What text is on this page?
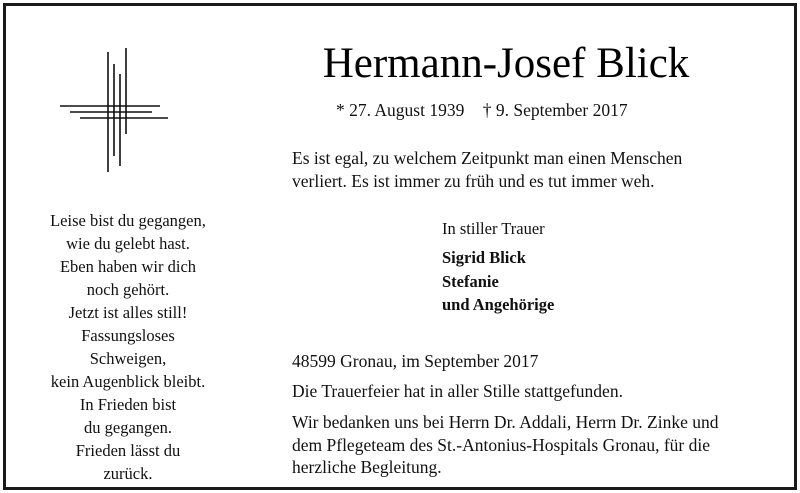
Hermann-Josef Blick
* 27. August 1939 † 9. September 2017
Es ist egal, zu welchem Zeitpunkt man einen Menschen
verliert. Es ist immer zu früh und es tut immer weh.
Leise bist du gegangen,
wie du gelebt hast.
Eben haben wir dich
noch gehört.
Jetzt ist alles still!
Fassungsloses
Schweigen,
kein Augenblick bleibt.
In Frieden bist
du gegangen.
Frieden lässt du
zurück.
In stiller Trauer
Sigrid Blick
Stefanie
und Angehörige
48599 Gronau, im September 2017
Die Trauerfeier hat in aller Stille stattgefunden.
Wir bedanken uns bei Herrn Dr. Addali, Herrn Dr. Zinke und
dem Pflegeteam des St.-Antonius-Hospitals Gronau, für die
herzliche Begleitung.
